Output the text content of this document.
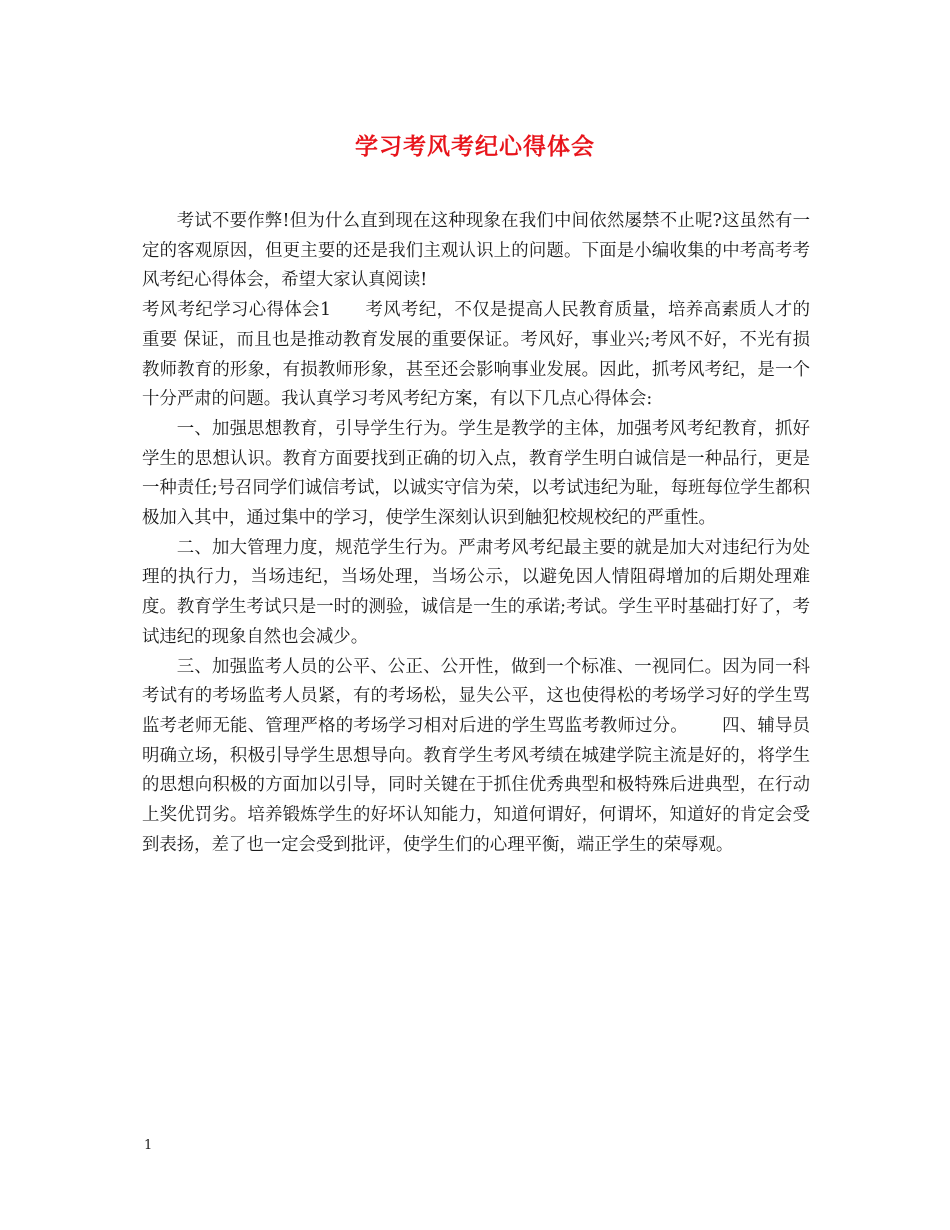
学习考风考纪心得体会

考试不要作弊!但为什么直到现在这种现象在我们中间依然屡禁不止呢?这虽然有一定的客观原因，但更主要的还是我们主观认识上的问题。下面是小编收集的中考高考考风考纪心得体会，希望大家认真阅读!

考风考纪学习心得体会1 考风考纪，不仅是提高人民教育质量，培养高素质人才的重要 保证，而且也是推动教育发展的重要保证。考风好，事业兴;考风不好，不光有损教师教育的形象，有损教师形象，甚至还会影响事业发展。因此，抓考风考纪，是一个十分严肃的问题。我认真学习考风考纪方案，有以下几点心得体会:

一、加强思想教育，引导学生行为。学生是教学的主体，加强考风考纪教育，抓好学生的思想认识。教育方面要找到正确的切入点，教育学生明白诚信是一种品行，更是一种责任;号召同学们诚信考试，以诚实守信为荣，以考试违纪为耻，每班每位学生都积极加入其中，通过集中的学习，使学生深刻认识到触犯校规校纪的严重性。

二、加大管理力度，规范学生行为。严肃考风考纪最主要的就是加大对违纪行为处理的执行力，当场违纪，当场处理，当场公示，以避免因人情阻碍增加的后期处理难度。教育学生考试只是一时的测验，诚信是一生的承诺;考试。学生平时基础打好了，考试违纪的现象自然也会减少。

三、加强监考人员的公平、公正、公开性，做到一个标准、一视同仁。因为同一科考试有的考场监考人员紧，有的考场松，显失公平，这也使得松的考场学习好的学生骂监考老师无能、管理严格的考场学习相对后进的学生骂监考教师过分。 四、辅导员明确立场，积极引导学生思想导向。教育学生考风考绩在城建学院主流是好的，将学生的思想向积极的方面加以引导，同时关键在于抓住优秀典型和极特殊后进典型，在行动上奖优罚劣。培养锻炼学生的好坏认知能力，知道何谓好，何谓坏，知道好的肯定会受到表扬，差了也一定会受到批评，使学生们的心理平衡，端正学生的荣辱观。

1
